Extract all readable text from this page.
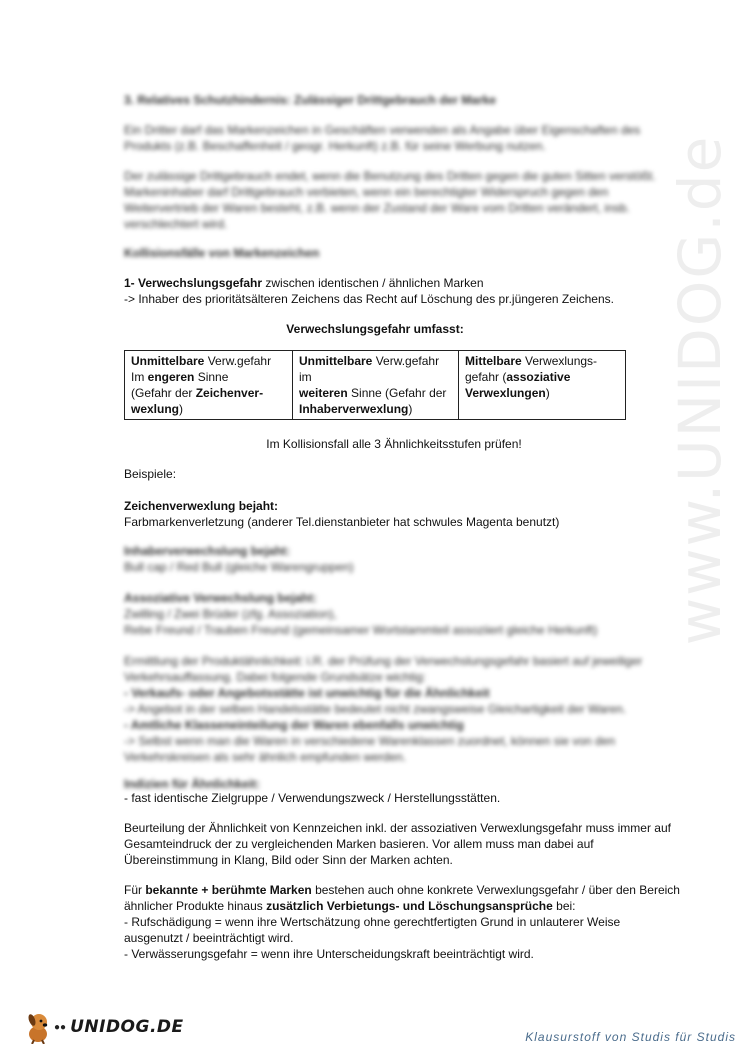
www.UNIDOG.de
3. Relatives Schutzhindernis: Zulässiger Drittgebrauch der Marke
Ein Dritter darf das Markenzeichen in Geschäften verwenden als Angabe über Eigenschaften des
Produkts (z.B. Beschaffenheit / geogr. Herkunft) z.B. für seine Werbung nutzen.
Der zulässige Drittgebrauch endet, wenn die Benutzung des Dritten gegen die guten Sitten verstößt.
Markeninhaber darf Drittgebrauch verbieten, wenn ein berechtigter Widerspruch gegen den
Weitervertrieb der Waren besteht, z.B. wenn der Zustand der Ware vom Dritten verändert, insb.
verschlechtert wird.
Kollisionsfälle von Markenzeichen
1- Verwechslungsgefahr zwischen identischen / ähnlichen Marken
-> Inhaber des prioritätsälteren Zeichens das Recht auf Löschung des pr.jüngeren Zeichens.
Verwechslungsgefahr umfasst:
Unmittelbare Verw.gefahr
Im engeren Sinne
(Gefahr der Zeichenver-
wexlung)
Unmittelbare Verw.gefahr im
weiteren Sinne (Gefahr der
Inhaberverwexlung)
Mittelbare Verwexlungs-
gefahr (assoziative
Verwexlungen)
Im Kollisionsfall alle 3 Ähnlichkeitsstufen prüfen!
Beispiele:
Zeichenverwexlung bejaht:
Farbmarkenverletzung (anderer Tel.dienstanbieter hat schwules Magenta benutzt)
Inhaberverwechslung bejaht:
Bull cap / Red Bull (gleiche Warengruppen)
Assoziative Verwechslung bejaht:
Zwilling / Zwei Brüder (zfg. Assoziation),
Rebe Freund / Trauben Freund (gemeinsamer Wortstammteil assoziiert gleiche Herkunft)
Ermittlung der Produktähnlichkeit: i.R. der Prüfung der Verwechslungsgefahr basiert auf jeweiliger
Verkehrsauffassung. Dabei folgende Grundsätze wichtig:
- Verkaufs- oder Angebotsstätte ist unwichtig für die Ähnlichkeit
-> Angebot in der selben Handelsstätte bedeutet nicht zwangsweise Gleichartigkeit der Waren.
- Amtliche Klasseneinteilung der Waren ebenfalls unwichtig
-> Selbst wenn man die Waren in verschiedene Warenklassen zuordnet, können sie von den
Verkehrskreisen als sehr ähnlich empfunden werden.
Indizien für Ähnlichkeit:
- fast identische Zielgruppe / Verwendungszweck / Herstellungsstätten.
Beurteilung der Ähnlichkeit von Kennzeichen inkl. der assoziativen Verwexlungsgefahr muss immer auf
Gesamteindruck der zu vergleichenden Marken basieren. Vor allem muss man dabei auf
Übereinstimmung in Klang, Bild oder Sinn der Marken achten.
Für bekannte + berühmte Marken bestehen auch ohne konkrete Verwexlungsgefahr / über den Bereich
ähnlicher Produkte hinaus zusätzlich Verbietungs- und Löschungsansprüche bei:
- Rufschädigung = wenn ihre Wertschätzung ohne gerechtfertigten Grund in unlauterer Weise
ausgenutzt / beeinträchtigt wird.
- Verwässerungsgefahr = wenn ihre Unterscheidungskraft beeinträchtigt wird.
●● UNIDOG.DE	Klausurstoff von Studis für Studis
